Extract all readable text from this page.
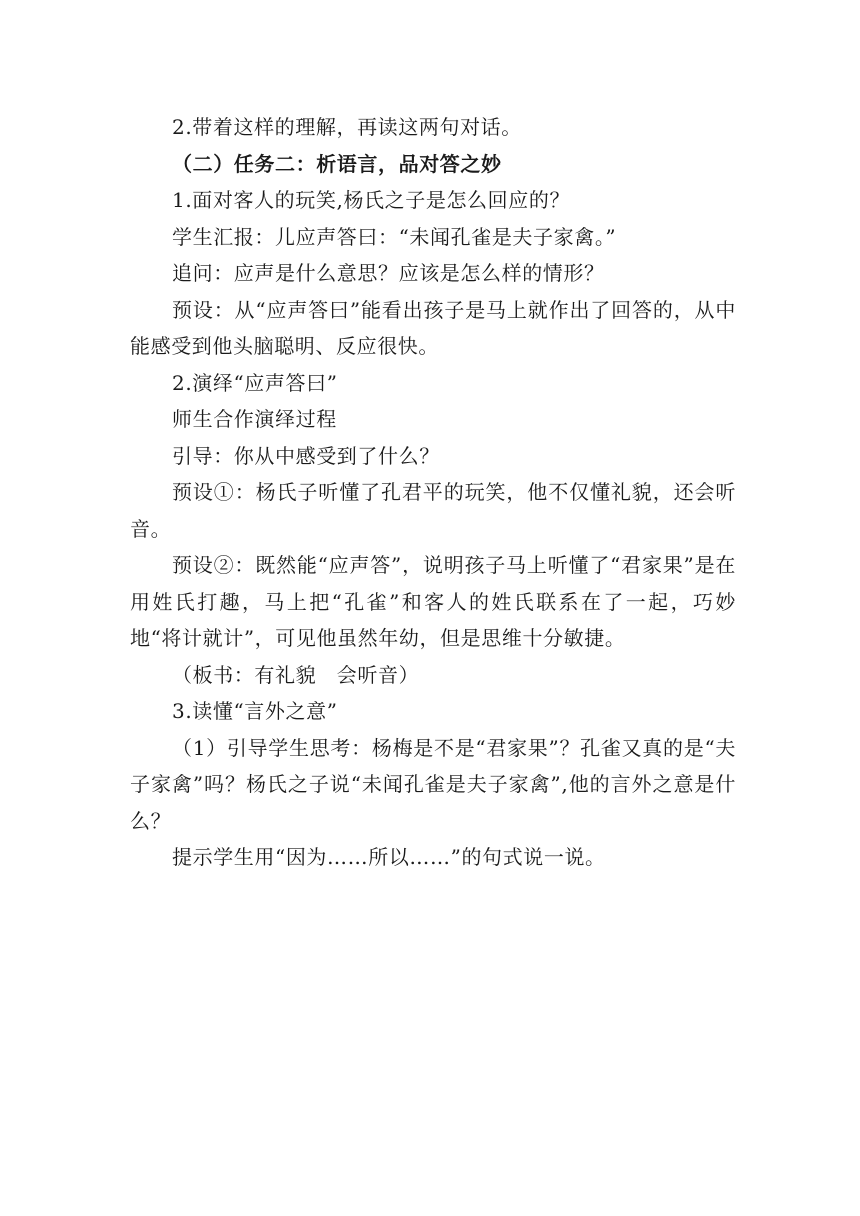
2.带着这样的理解，再读这两句对话。

（二）任务二：析语言，品对答之妙

1.面对客人的玩笑,杨氏之子是怎么回应的？

学生汇报：儿应声答曰：“未闻孔雀是夫子家禽。”

追问：应声是什么意思？应该是怎么样的情形？

预设：从“应声答曰”能看出孩子是马上就作出了回答的，从中能感受到他头脑聪明、反应很快。

2.演绎“应声答曰”

师生合作演绎过程

引导：你从中感受到了什么？

预设①：杨氏子听懂了孔君平的玩笑，他不仅懂礼貌，还会听音。

预设②：既然能“应声答”，说明孩子马上听懂了“君家果”是在用姓氏打趣，马上把“孔雀”和客人的姓氏联系在了一起，巧妙地“将计就计”，可见他虽然年幼，但是思维十分敏捷。

（板书：有礼貌　会听音）

3.读懂“言外之意”

（1）引导学生思考：杨梅是不是“君家果”？孔雀又真的是“夫子家禽”吗？杨氏之子说“未闻孔雀是夫子家禽”,他的言外之意是什么？

提示学生用“因为……所以……”的句式说一说。
